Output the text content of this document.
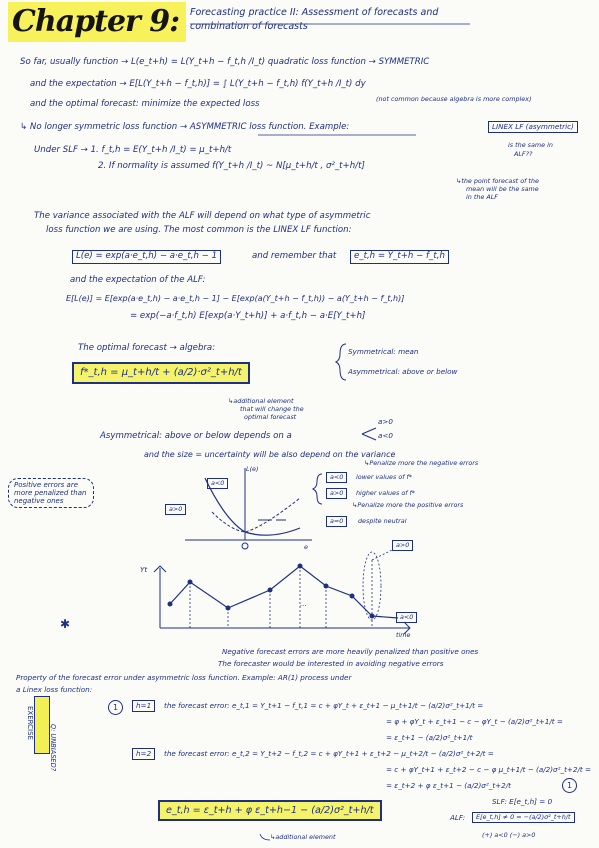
Chapter 9:	Forecasting practice II: Assessment of forecasts and
combination of forecasts
So far, usually function → L(e_t+h) = L(Y_t+h − f_t,h /I_t) quadratic loss function → SYMMETRIC
and the expectation → E[L(Y_t+h − f_t,h)] = ∫ L(Y_t+h − f_t,h) f(Y_t+h /I_t) dy
and the optimal forecast: minimize the expected loss	(not common because algebra is more complex)
↳ No longer symmetric loss function → ASYMMETRIC loss function. Example:	LINEX LF (asymmetric)
Under SLF → 1. f_t,h = E(Y_t+h /I_t) = μ_t+h/t
2. If normality is assumed f(Y_t+h /I_t) ~ N[μ_t+h/t , σ²_t+h/t]
is the same in
ALF??
↳the point forecast of the
mean will be the same
in the ALF
The variance associated with the ALF will depend on what type of asymmetric
loss function we are using. The most common is the LINEX LF function:
L(e) = exp(a·e_t,h) − a·e_t,h − 1	and remember that	e_t,h = Y_t+h − f_t,h
and the expectation of the ALF:
E[L(e)] = E[exp(a·e_t,h) − a·e_t,h − 1] − E[exp(a(Y_t+h − f_t,h)) − a(Y_t+h − f_t,h)]
= exp(−a·f_t,h) E[exp(a·Y_t+h)] + a·f_t,h − a·E[Y_t+h]
The optimal forecast → algebra:
f*_t,h = μ_t+h/t + (a/2)·σ²_t+h/t
↳additional element
that will change the
optimal forecast
Symmetrical: mean
Asymmetrical: above or below
Asymmetrical: above or below depends on a
a>0
a<0
and the size = uncertainty will be also depend on the variance
↳Penalize more the negative errors
L(e)
e
a<0
a>0
a<0	lower values of f*
a>0	higher values of f*
↳Penalize more the positive errors
a=0	despite neutral
Positive errors are more penalized than negative ones
Yt
time
a>0
a<0
...
✱
Negative forecast errors are more heavily penalized than positive ones
The forecaster would be interested in avoiding negative errors
Property of the forecast error under asymmetric loss function. Example: AR(1) process under
a Linex loss function:
1	h=1	the forecast error: e_t,1 = Y_t+1 − f_t,1 = c + φY_t + ε_t+1 − μ_t+1/t − (a/2)σ²_t+1/t =
= φ + φY_t + ε_t+1 − c − φY_t − (a/2)σ²_t+1/t =
= ε_t+1 − (a/2)σ²_t+1/t
h=2	the forecast error: e_t,2 = Y_t+2 − f_t,2 = c + φY_t+1 + ε_t+2 − μ_t+2/t − (a/2)σ²_t+2/t =
= c + φY_t+1 + ε_t+2 − c − φ μ_t+1/t − (a/2)σ²_t+2/t =
= ε_t+2 + φ ε_t+1 − (a/2)σ²_t+2/t
e_t,h = ε_t+h + φ ε_t+h−1 − (a/2)σ²_t+h/t
↳additional element
1
SLF: E[e_t,h] = 0
ALF:	E[e_t,h] ≠ 0 = −(a/2)σ²_t+h/t
(+) a<0 (−) a>0
EXERCISE
Q: UNBIASED?
